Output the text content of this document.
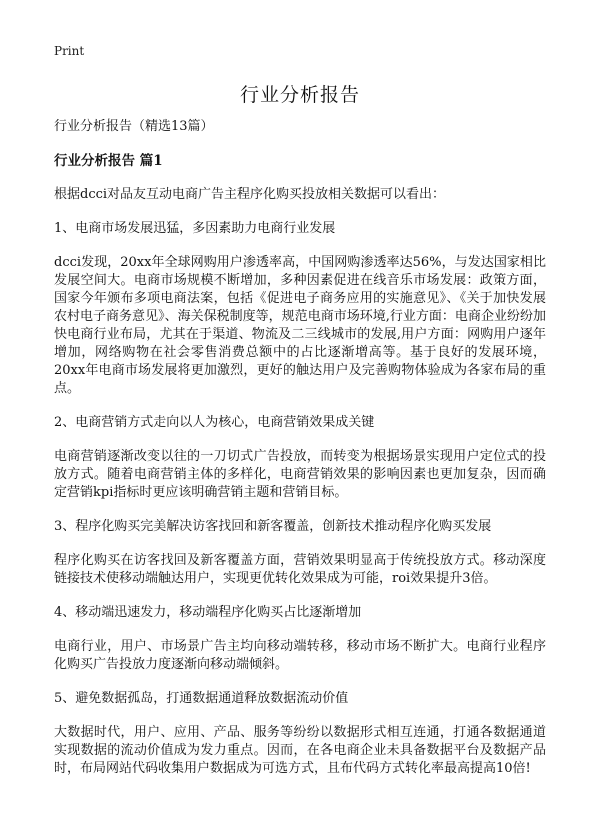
Print
行业分析报告

行业分析报告（精选13篇）

行业分析报告 篇1

根据dcci对品友互动电商广告主程序化购买投放相关数据可以看出：

1、电商市场发展迅猛，多因素助力电商行业发展

dcci发现，20xx年全球网购用户渗透率高，中国网购渗透率达56%，与发达国家相比发展空间大。电商市场规模不断增加，多种因素促进在线音乐市场发展：政策方面，国家今年颁布多项电商法案，包括《促进电子商务应用的实施意见》、《关于加快发展农村电子商务意见》、海关保税制度等，规范电商市场环境,行业方面：电商企业纷纷加快电商行业布局，尤其在于渠道、物流及二三线城市的发展,用户方面：网购用户逐年增加，网络购物在社会零售消费总额中的占比逐渐增高等。基于良好的发展环境，20xx年电商市场发展将更加激烈，更好的触达用户及完善购物体验成为各家布局的重点。

2、电商营销方式走向以人为核心，电商营销效果成关键

电商营销逐渐改变以往的一刀切式广告投放，而转变为根据场景实现用户定位式的投放方式。随着电商营销主体的多样化，电商营销效果的影响因素也更加复杂，因而确定营销kpi指标时更应该明确营销主题和营销目标。

3、程序化购买完美解决访客找回和新客覆盖，创新技术推动程序化购买发展

程序化购买在访客找回及新客覆盖方面，营销效果明显高于传统投放方式。移动深度链接技术使移动端触达用户，实现更优转化效果成为可能，roi效果提升3倍。

4、移动端迅速发力，移动端程序化购买占比逐渐增加

电商行业，用户、市场景广告主均向移动端转移，移动市场不断扩大。电商行业程序化购买广告投放力度逐渐向移动端倾斜。

5、避免数据孤岛，打通数据通道释放数据流动价值

大数据时代，用户、应用、产品、服务等纷纷以数据形式相互连通，打通各数据通道实现数据的流动价值成为发力重点。因而，在各电商企业未具备数据平台及数据产品时，布局网站代码收集用户数据成为可选方式，且布代码方式转化率最高提高10倍!
